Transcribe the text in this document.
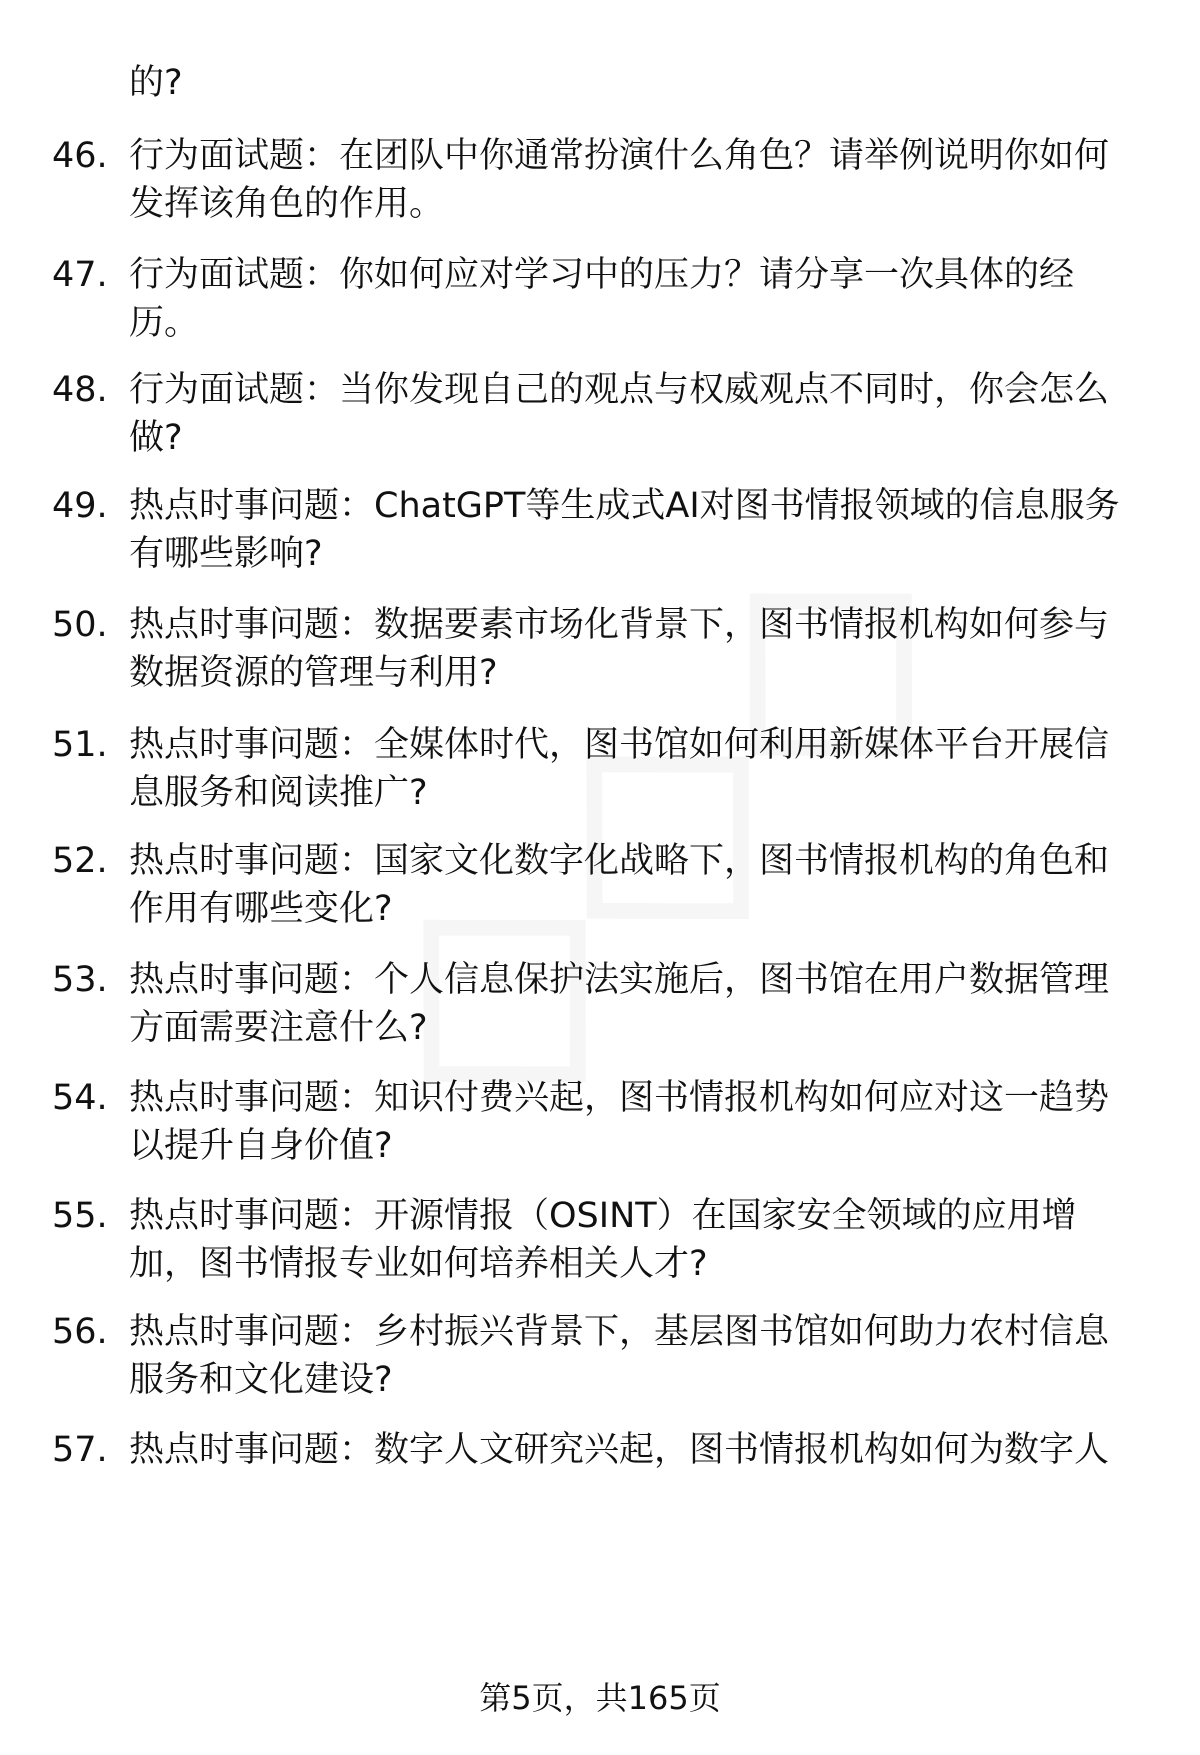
的?
46. 行为面试题：在团队中你通常扮演什么角色？请举例说明你如何
发挥该角色的作用。
47. 行为面试题：你如何应对学习中的压力？请分享一次具体的经
历。
48. 行为面试题：当你发现自己的观点与权威观点不同时，你会怎么
做?
49. 热点时事问题：ChatGPT等生成式AI对图书情报领域的信息服务
有哪些影响?
50. 热点时事问题：数据要素市场化背景下，图书情报机构如何参与
数据资源的管理与利用?
51. 热点时事问题：全媒体时代，图书馆如何利用新媒体平台开展信
息服务和阅读推广?
52. 热点时事问题：国家文化数字化战略下，图书情报机构的角色和
作用有哪些变化?
53. 热点时事问题：个人信息保护法实施后，图书馆在用户数据管理
方面需要注意什么?
54. 热点时事问题：知识付费兴起，图书情报机构如何应对这一趋势
以提升自身价值?
55. 热点时事问题：开源情报（OSINT）在国家安全领域的应用增
加，图书情报专业如何培养相关人才?
56. 热点时事问题：乡村振兴背景下，基层图书馆如何助力农村信息
服务和文化建设?
57. 热点时事问题：数字人文研究兴起，图书情报机构如何为数字人
第5页，共165页
